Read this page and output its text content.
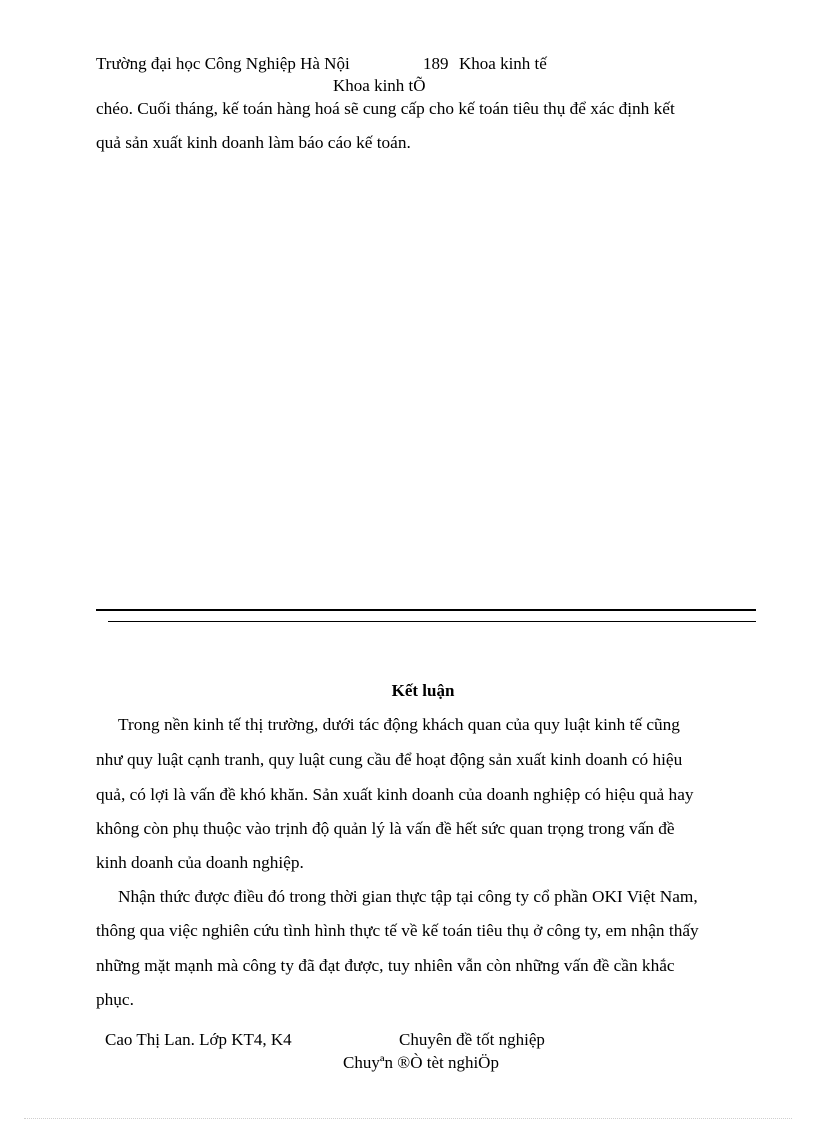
Trường đại học Công Nghiệp Hà Nội	189 Khoa kinh tế
Khoa kinh tÕ
chéo. Cuối tháng, kế toán hàng hoá sẽ cung cấp cho kế toán tiêu thụ để xác định kết
quả sản xuất kinh doanh làm báo cáo kế toán.
Kết luận
Trong nền kinh tế thị trường, dưới tác động khách quan của quy luật kinh tế cũng
như quy luật cạnh tranh, quy luật cung cầu để hoạt động sản xuất kinh doanh có hiệu
quả, có lợi là vấn đề khó khăn. Sản xuất kinh doanh của doanh nghiệp có hiệu quả hay
không còn phụ thuộc vào trịnh độ quản lý là vấn đề hết sức quan trọng trong vấn đề
kinh doanh của doanh nghiệp.
Nhận thức được điều đó trong thời gian thực tập tại công ty cổ phần OKI Việt Nam,
thông qua việc nghiên cứu tình hình thực tế về kế toán tiêu thụ ở công ty, em nhận thấy
những mặt mạnh mà công ty đã đạt được, tuy nhiên vẫn còn những vấn đề cần khắc
phục.
Cao Thị Lan. Lớp KT4, K4	Chuyên đề tốt nghiệp
Chuyªn ®Ò tèt nghiÖp
